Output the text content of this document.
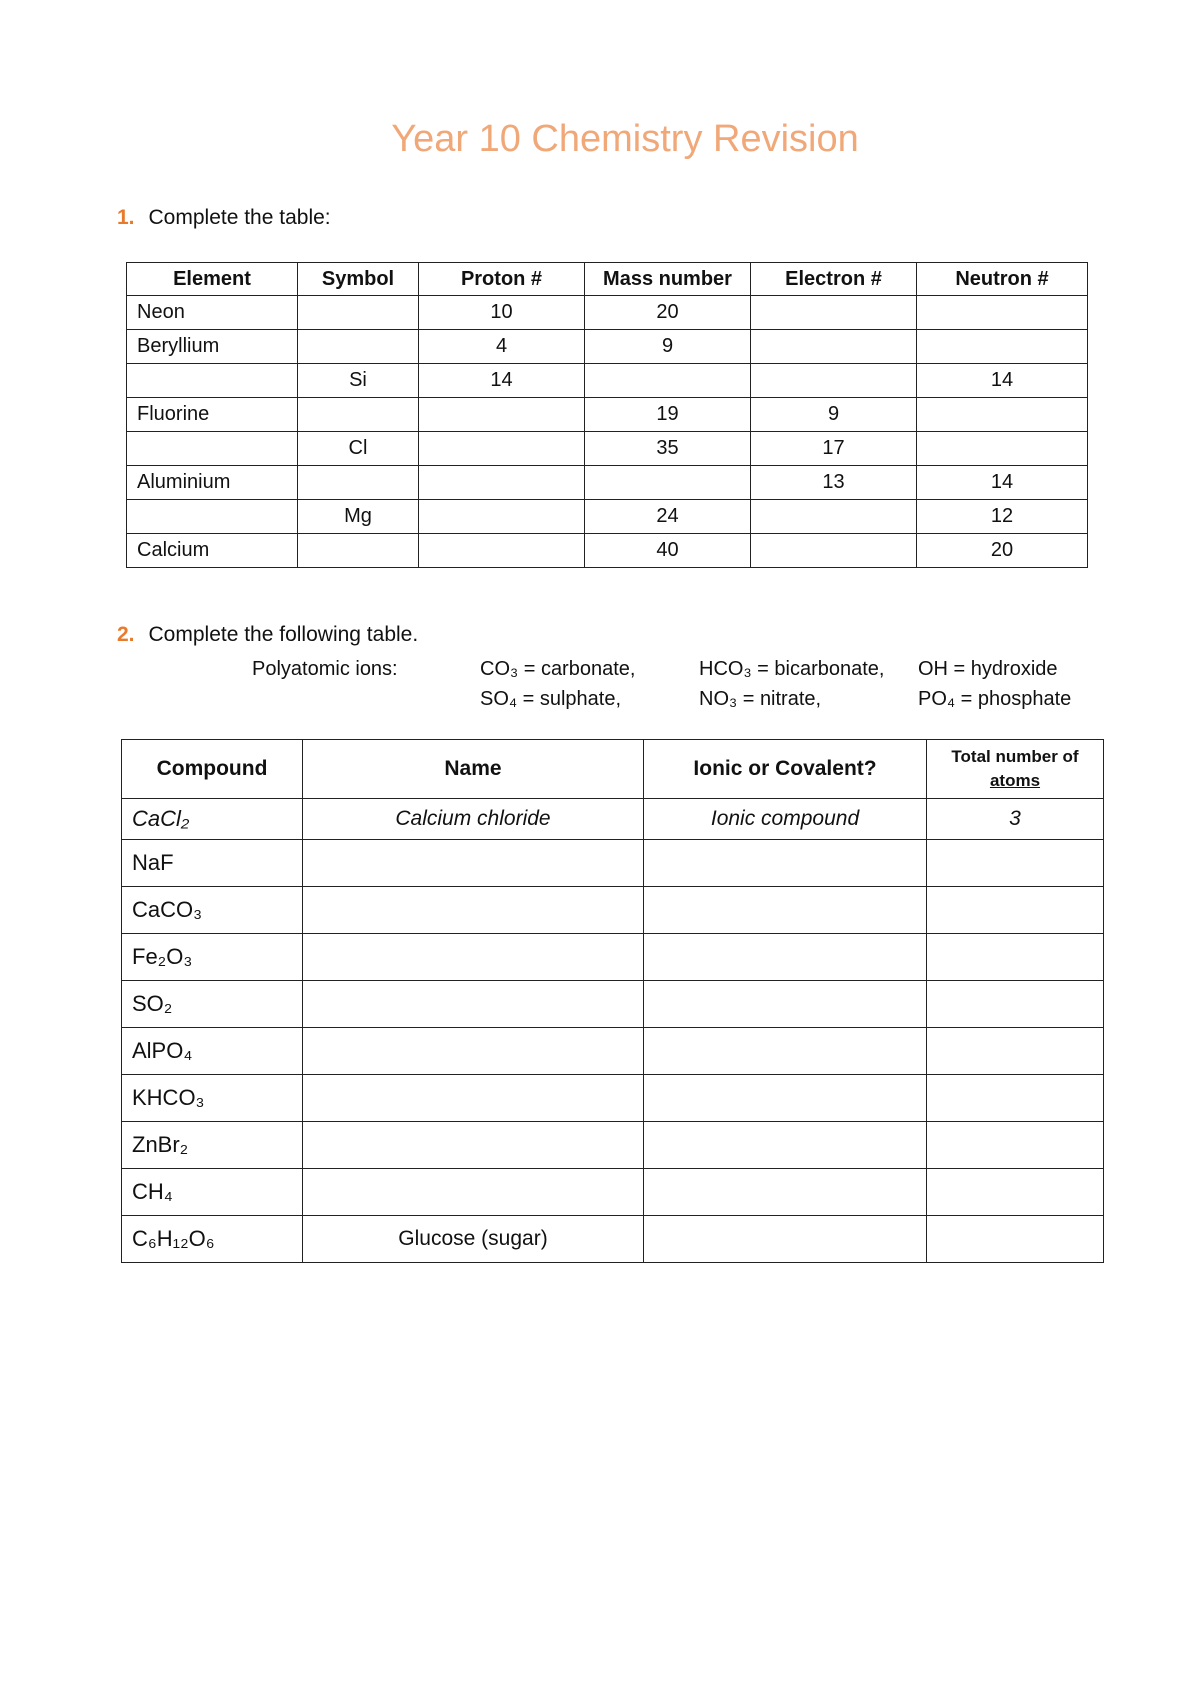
Year 10 Chemistry Revision
1. Complete the table:
Element	Symbol	Proton #	Mass number	Electron #	Neutron #
Neon		10	20		
Beryllium		4	9		
	Si	14			14
Fluorine			19	9	
	Cl		35	17	
Aluminium				13	14
	Mg		24		12
Calcium			40		20
2. Complete the following table.
Polyatomic ions:	CO₃ = carbonate,	HCO₃ = bicarbonate, OH = hydroxide
SO₄ = sulphate,	NO₃ = nitrate,	PO₄ = phosphate
Compound	Name	Ionic or Covalent?	Total number of
atoms
CaCl₂	Calcium chloride	Ionic compound	3
NaF			
CaCO₃			
Fe₂O₃			
SO₂			
AlPO₄			
KHCO₃			
ZnBr₂			
CH₄			
C₆H₁₂O₆	Glucose (sugar)		
